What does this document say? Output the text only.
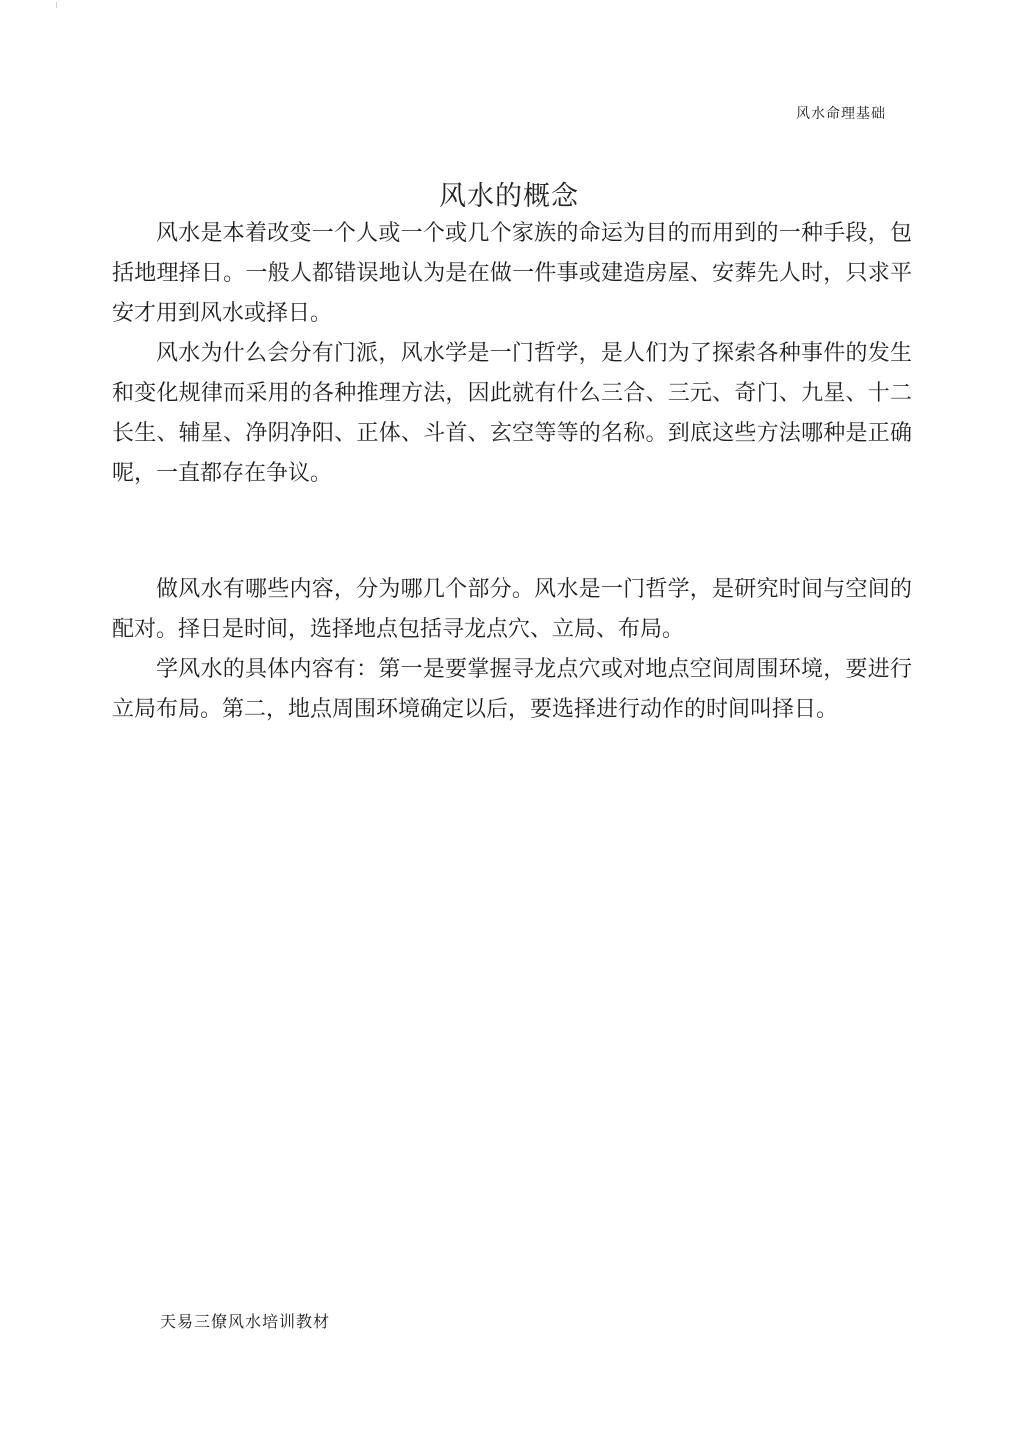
风水命理基础
风水的概念

风水是本着改变一个人或一个或几个家族的命运为目的而用到的一种手段，包括地理择日。一般人都错误地认为是在做一件事或建造房屋、安葬先人时，只求平安才用到风水或择日。

风水为什么会分有门派，风水学是一门哲学，是人们为了探索各种事件的发生和变化规律而采用的各种推理方法，因此就有什么三合、三元、奇门、九星、十二长生、辅星、净阴净阳、正体、斗首、玄空等等的名称。到底这些方法哪种是正确呢，一直都存在争议。

做风水有哪些内容，分为哪几个部分。风水是一门哲学，是研究时间与空间的配对。择日是时间，选择地点包括寻龙点穴、立局、布局。

学风水的具体内容有：第一是要掌握寻龙点穴或对地点空间周围环境，要进行立局布局。第二，地点周围环境确定以后，要选择进行动作的时间叫择日。

天易三僚风水培训教材
